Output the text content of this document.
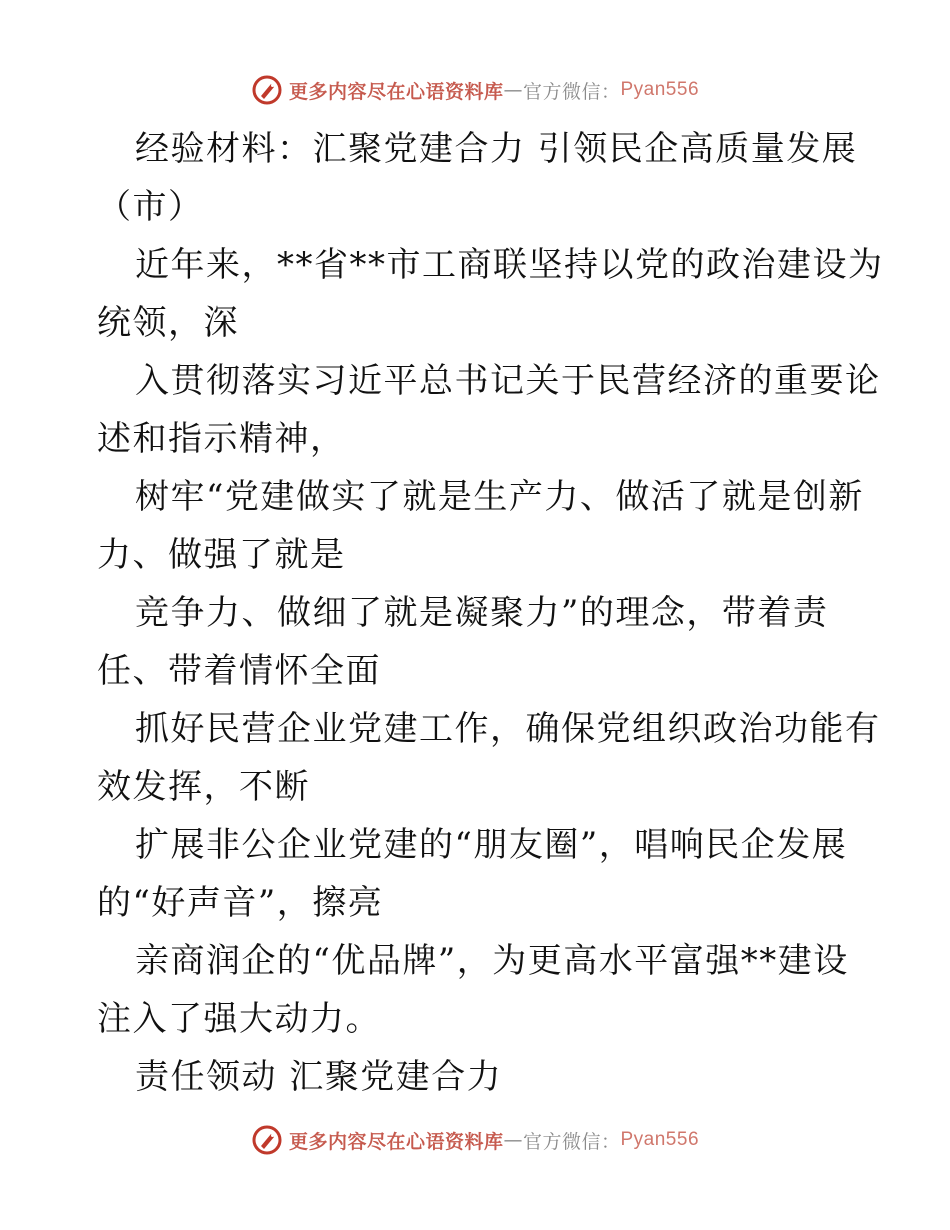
更多内容尽在心语资料库 — 官方微信： Pyan556
经验材料：汇聚党建合力 引领民企高质量发展
（市）
近年来，**省**市工商联坚持以党的政治建设为
统领，深
入贯彻落实习近平总书记关于民营经济的重要论
述和指示精神，
树牢“党建做实了就是生产力、做活了就是创新
力、做强了就是
竞争力、做细了就是凝聚力”的理念，带着责
任、带着情怀全面
抓好民营企业党建工作，确保党组织政治功能有
效发挥，不断
扩展非公企业党建的“朋友圈”，唱响民企发展
的“好声音”，擦亮
亲商润企的“优品牌”，为更高水平富强**建设
注入了强大动力。
责任领动 汇聚党建合力
更多内容尽在心语资料库 — 官方微信： Pyan556
